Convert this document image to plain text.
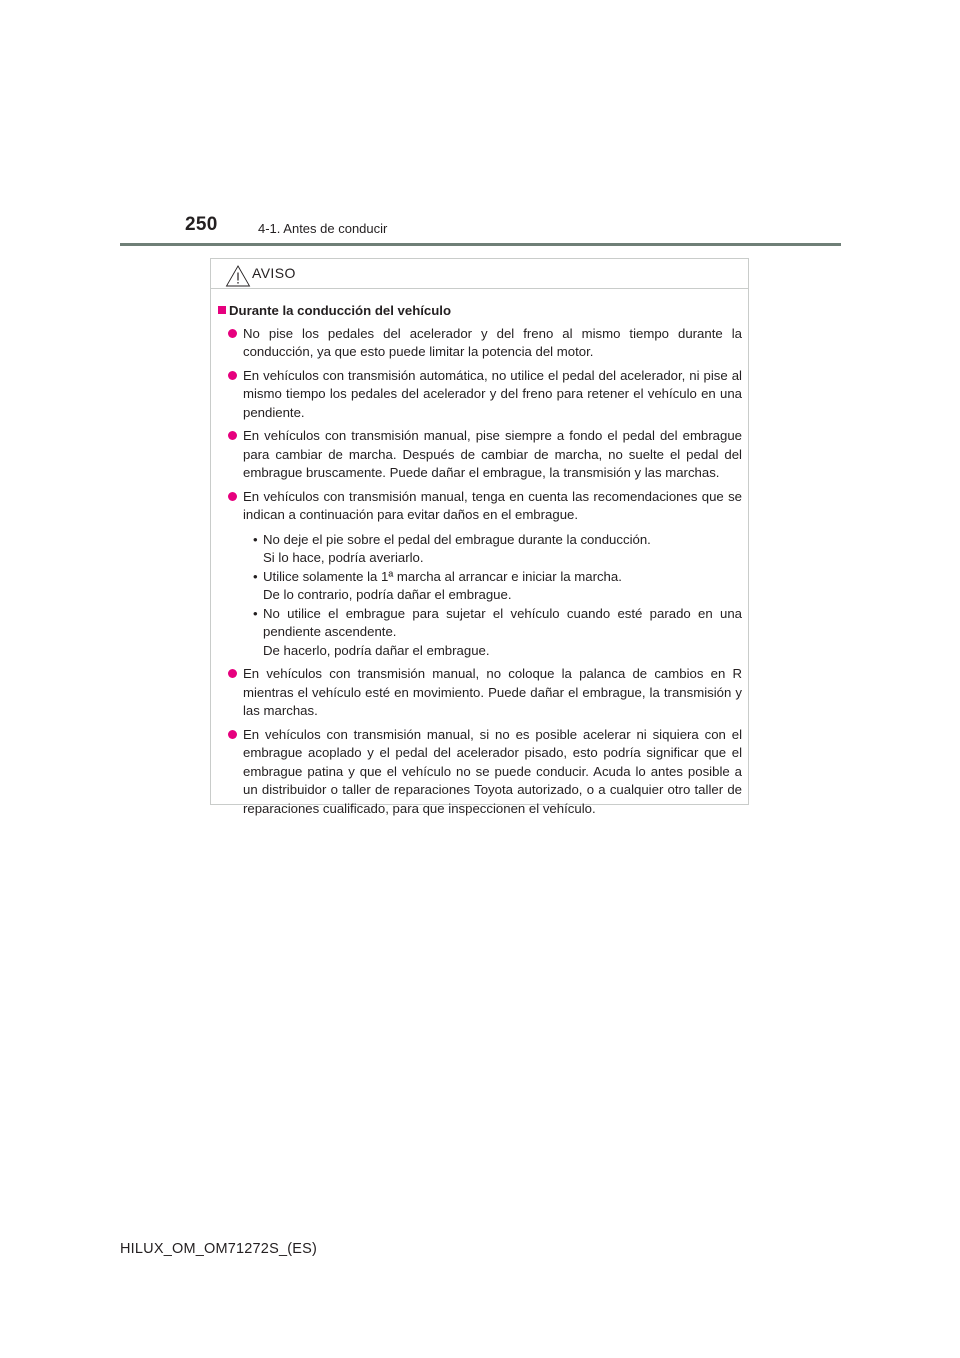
250	4-1. Antes de conducir
AVISO
Durante la conducción del vehículo
No pise los pedales del acelerador y del freno al mismo tiempo durante la conducción, ya que esto puede limitar la potencia del motor.
En vehículos con transmisión automática, no utilice el pedal del acelerador, ni pise al mismo tiempo los pedales del acelerador y del freno para retener el vehículo en una pendiente.
En vehículos con transmisión manual, pise siempre a fondo el pedal del embrague para cambiar de marcha. Después de cambiar de marcha, no suelte el pedal del embrague bruscamente. Puede dañar el embrague, la transmisión y las marchas.
En vehículos con transmisión manual, tenga en cuenta las recomendaciones que se indican a continuación para evitar daños en el embrague.
• No deje el pie sobre el pedal del embrague durante la conducción.
Si lo hace, podría averiarlo.
• Utilice solamente la 1ª marcha al arrancar e iniciar la marcha.
De lo contrario, podría dañar el embrague.
• No utilice el embrague para sujetar el vehículo cuando esté parado en una pendiente ascendente.
De hacerlo, podría dañar el embrague.
En vehículos con transmisión manual, no coloque la palanca de cambios en R mientras el vehículo esté en movimiento. Puede dañar el embrague, la transmisión y las marchas.
En vehículos con transmisión manual, si no es posible acelerar ni siquiera con el embrague acoplado y el pedal del acelerador pisado, esto podría significar que el embrague patina y que el vehículo no se puede conducir. Acuda lo antes posible a un distribuidor o taller de reparaciones Toyota autorizado, o a cualquier otro taller de reparaciones cualificado, para que inspeccionen el vehículo.
HILUX_OM_OM71272S_(ES)
